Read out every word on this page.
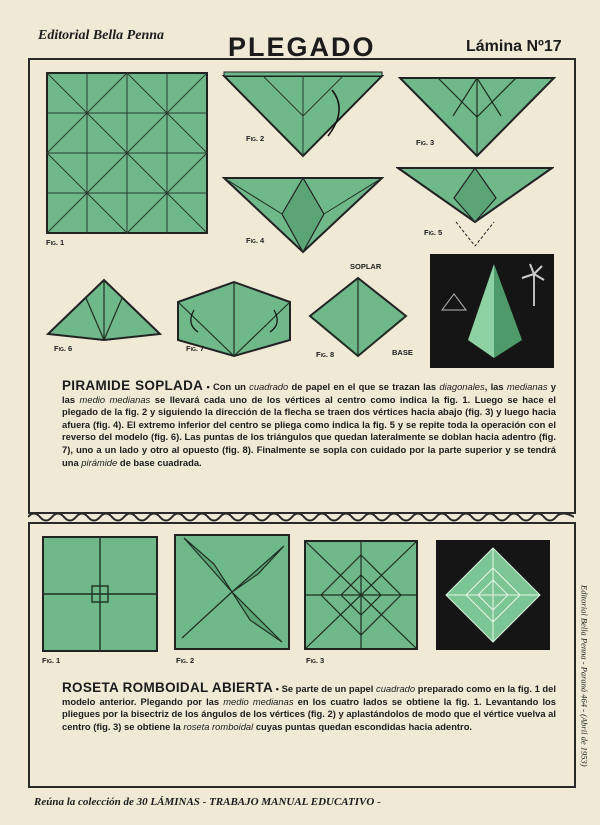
Editorial Bella Penna PLEGADO	Lámina Nº17
Fig. 1
Fig. 2	Fig. 3
Fig. 4
Fig. 5
Fig. 6	Fig. 7
SOPLAR
Fig. 8	BASE
PIRAMIDE SOPLADA • Con un cuadrado de papel en el que se trazan las diagonales, las medianas y las medio medianas se llevará cada uno de los vértices al centro como indica la fig. 1. Luego se hace el plegado de la fig. 2 y siguiendo la dirección de la flecha se traen dos vértices hacia abajo (fig. 3) y luego hacia afuera (fig. 4). El extremo inferior del centro se pliega como indica la fig. 5 y se repite toda la operación con el reverso del modelo (fig. 6). Las puntas de los triángulos que quedan lateralmente se doblan hacia adentro (fig. 7), uno a un lado y otro al opuesto (fig. 8). Finalmente se sopla con cuidado por la parte superior y se tendrá una pirámide de base cuadrada.
Fig. 1	Fig. 2	Fig. 3
ROSETA ROMBOIDAL ABIERTA • Se parte de un papel cuadrado preparado como en la fig. 1 del modelo anterior. Plegando por las medio medianas en los cuatro lados se obtiene la fig. 1. Levantando los pliegues por la bisectriz de los ángulos de los vértices (fig. 2) y aplastándolos de modo que el vértice vuelva al centro (fig. 3) se obtiene la roseta romboidal cuyas puntas quedan escondidas hacia adentro.	Editorial Bella Penna - Paraná 464 - (Abril de 1953)
Reúna la colección de 30 LÁMINAS - TRABAJO MANUAL EDUCATIVO -
